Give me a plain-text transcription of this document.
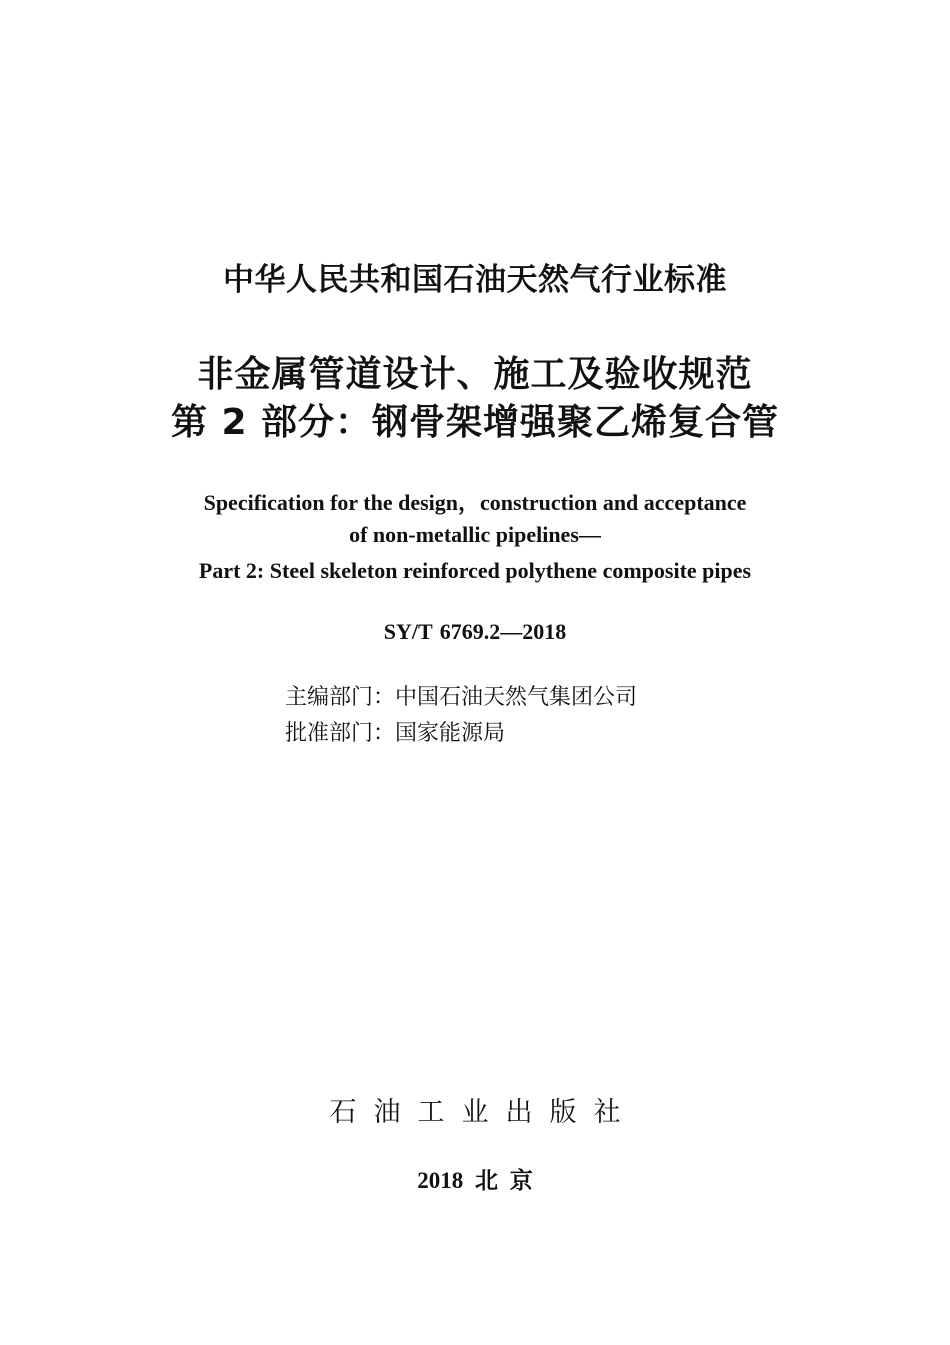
中华人民共和国石油天然气行业标准
非金属管道设计、施工及验收规范
第 2 部分：钢骨架增强聚乙烯复合管
Specification for the design，construction and acceptance
of non-metallic pipelines—
Part 2: Steel skeleton reinforced polythene composite pipes
SY/T 6769.2—2018
主编部门：中国石油天然气集团公司
批准部门：国家能源局
石油工业出版社
2018 北 京
